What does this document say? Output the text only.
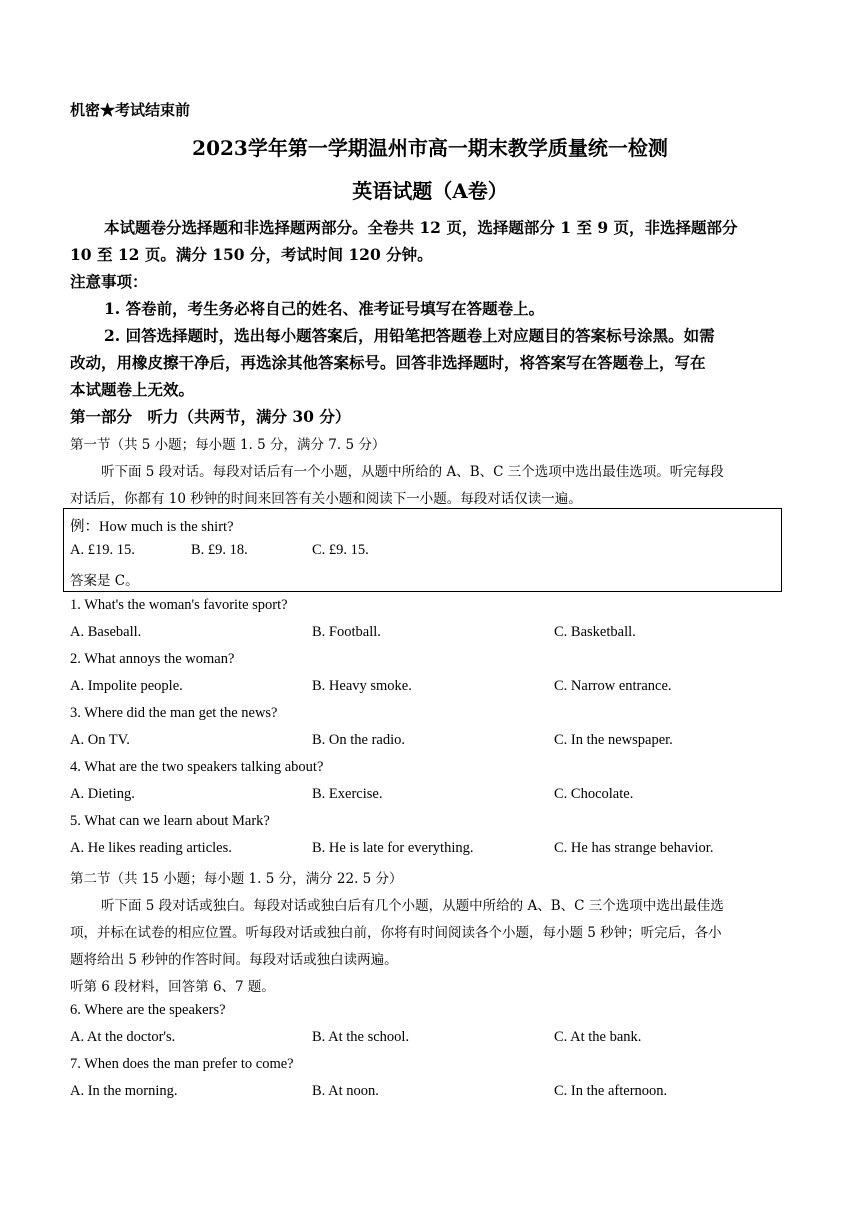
机密★考试结束前
2023学年第一学期温州市高一期末教学质量统一检测
英语试题（A卷）
本试题卷分选择题和非选择题两部分。全卷共 12 页，选择题部分 1 至 9 页，非选择题部分
10 至 12 页。满分 150 分，考试时间 120 分钟。
注意事项：
1. 答卷前，考生务必将自己的姓名、准考证号填写在答题卷上。
2. 回答选择题时，选出每小题答案后，用铅笔把答题卷上对应题目的答案标号涂黑。如需
改动，用橡皮擦干净后，再选涂其他答案标号。回答非选择题时，将答案写在答题卷上，写在
本试题卷上无效。
第一部分　听力（共两节，满分 30 分）
第一节（共 5 小题；每小题 1. 5 分，满分 7. 5 分）
听下面 5 段对话。每段对话后有一个小题，从题中所给的 A、B、C 三个选项中选出最佳选项。听完每段
对话后，你都有 10 秒钟的时间来回答有关小题和阅读下一小题。每段对话仅读一遍。
例：How much is the shirt?
A. £19. 15.	B. £9. 18.	C. £9. 15.
答案是 C。
1. What's the woman's favorite sport?
A. Baseball.	B. Football.	C. Basketball.
2. What annoys the woman?
A. Impolite people.	B. Heavy smoke.	C. Narrow entrance.
3. Where did the man get the news?
A. On TV.	B. On the radio.	C. In the newspaper.
4. What are the two speakers talking about?
A. Dieting.	B. Exercise.	C. Chocolate.
5. What can we learn about Mark?
A. He likes reading articles.	B. He is late for everything.	C. He has strange behavior.
第二节（共 15 小题；每小题 1. 5 分，满分 22. 5 分）
听下面 5 段对话或独白。每段对话或独白后有几个小题，从题中所给的 A、B、C 三个选项中选出最佳选
项，并标在试卷的相应位置。听每段对话或独白前，你将有时间阅读各个小题，每小题 5 秒钟；听完后，各小
题将给出 5 秒钟的作答时间。每段对话或独白读两遍。
听第 6 段材料，回答第 6、7 题。
6. Where are the speakers?
A. At the doctor's.	B. At the school.	C. At the bank.
7. When does the man prefer to come?
A. In the morning.	B. At noon.	C. In the afternoon.
